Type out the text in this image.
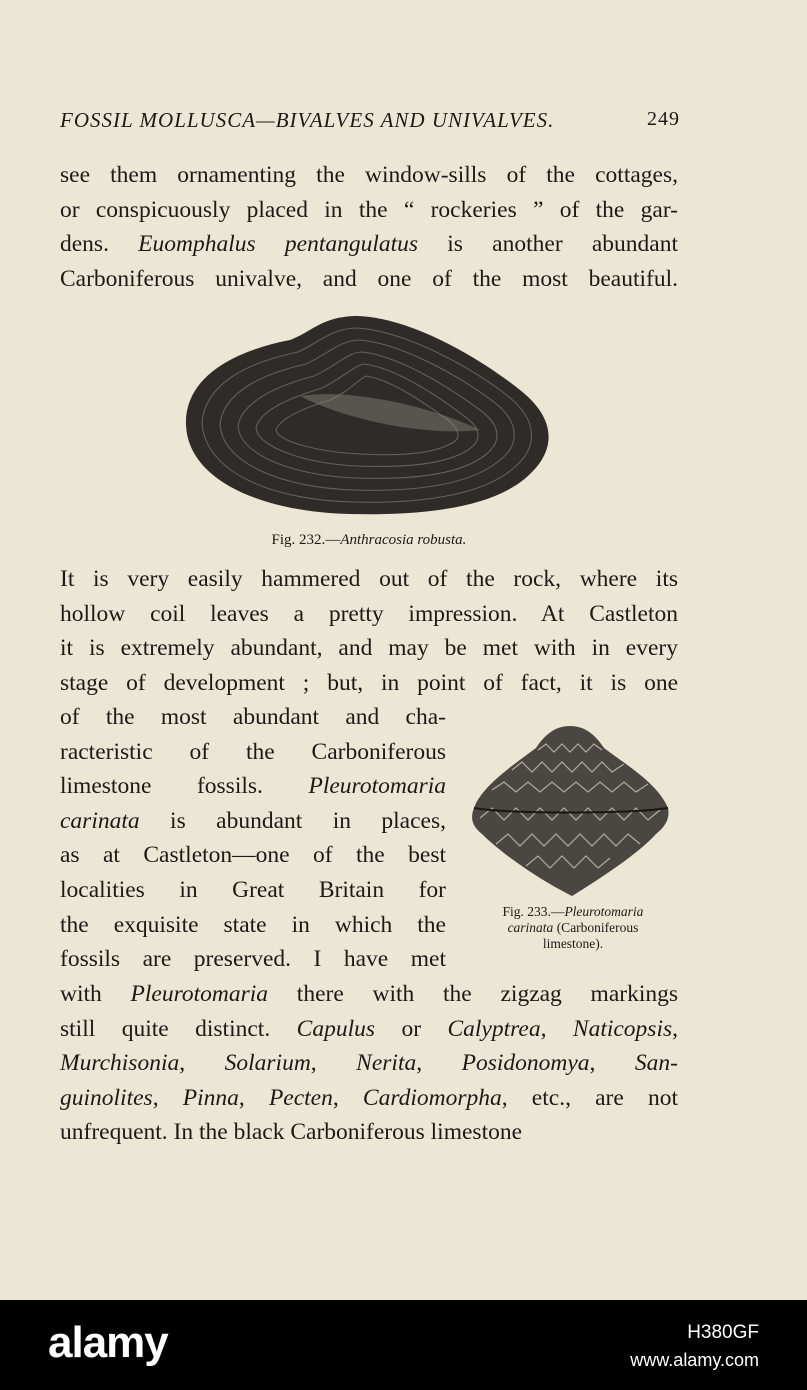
FOSSIL MOLLUSCA—BIVALVES AND UNIVALVES.	249
see them ornamenting the window-sills of the cottages,
or conspicuously placed in the “ rockeries ” of the gar-
dens. Euomphalus pentangulatus is another abundant
Carboniferous univalve, and one of the most beautiful.
Fig. 232.—Anthracosia robusta.
It is very easily hammered out of the rock, where its
hollow coil leaves a pretty impression. At Castleton
it is extremely abundant, and may be met with in every
stage of development ; but, in point of fact, it is one
of the most abundant and cha-
racteristic of the Carboniferous
limestone fossils. Pleurotomaria
carinata is abundant in places,
as at Castleton—one of the best
localities in Great Britain for
the exquisite state in which the
fossils are preserved. I have met
Fig. 233.—Pleurotomaria
carinata (Carboniferous
limestone).
with Pleurotomaria there with the zigzag markings
still quite distinct. Capulus or Calyptrea, Naticopsis,
Murchisonia, Solarium, Nerita, Posidonomya, San-
guinolites, Pinna, Pecten, Cardiomorpha, etc., are not
unfrequent. In the black Carboniferous limestone
alamy	H380GF
www.alamy.com
